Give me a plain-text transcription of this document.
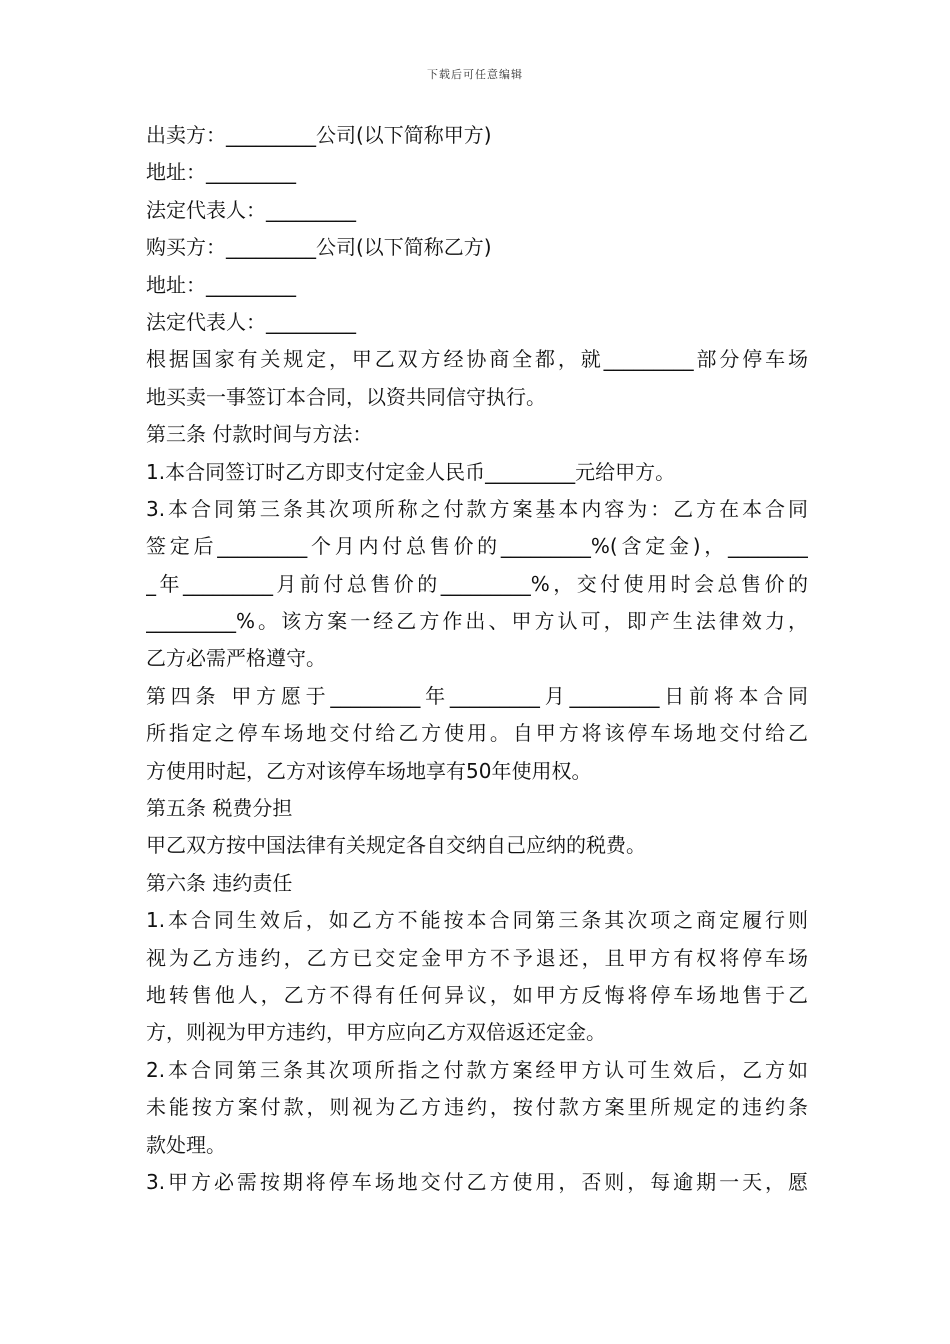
下载后可任意编辑
出卖方：_________公司(以下简称甲方)
地址：_________
法定代表人：_________
购买方：_________公司(以下简称乙方)
地址：_________
法定代表人：_________
根据国家有关规定，甲乙双方经协商全都，就_________部分停车场
地买卖一事签订本合同，以资共同信守执行。
第三条 付款时间与方法：
1.本合同签订时乙方即支付定金人民币_________元给甲方。
3.本合同第三条其次项所称之付款方案基本内容为：乙方在本合同
签定后_________个月内付总售价的_________%(含定金)，________
_年_________月前付总售价的_________%，交付使用时会总售价的
_________%。该方案一经乙方作出、甲方认可，即产生法律效力，
乙方必需严格遵守。
第四条 甲方愿于_________年_________月_________日前将本合同
所指定之停车场地交付给乙方使用。自甲方将该停车场地交付给乙
方使用时起，乙方对该停车场地享有50年使用权。
第五条 税费分担
甲乙双方按中国法律有关规定各自交纳自己应纳的税费。
第六条 违约责任
1.本合同生效后，如乙方不能按本合同第三条其次项之商定履行则
视为乙方违约，乙方已交定金甲方不予退还，且甲方有权将停车场
地转售他人，乙方不得有任何异议，如甲方反悔将停车场地售于乙
方，则视为甲方违约，甲方应向乙方双倍返还定金。
2.本合同第三条其次项所指之付款方案经甲方认可生效后，乙方如
未能按方案付款，则视为乙方违约，按付款方案里所规定的违约条
款处理。
3.甲方必需按期将停车场地交付乙方使用，否则，每逾期一天，愿
